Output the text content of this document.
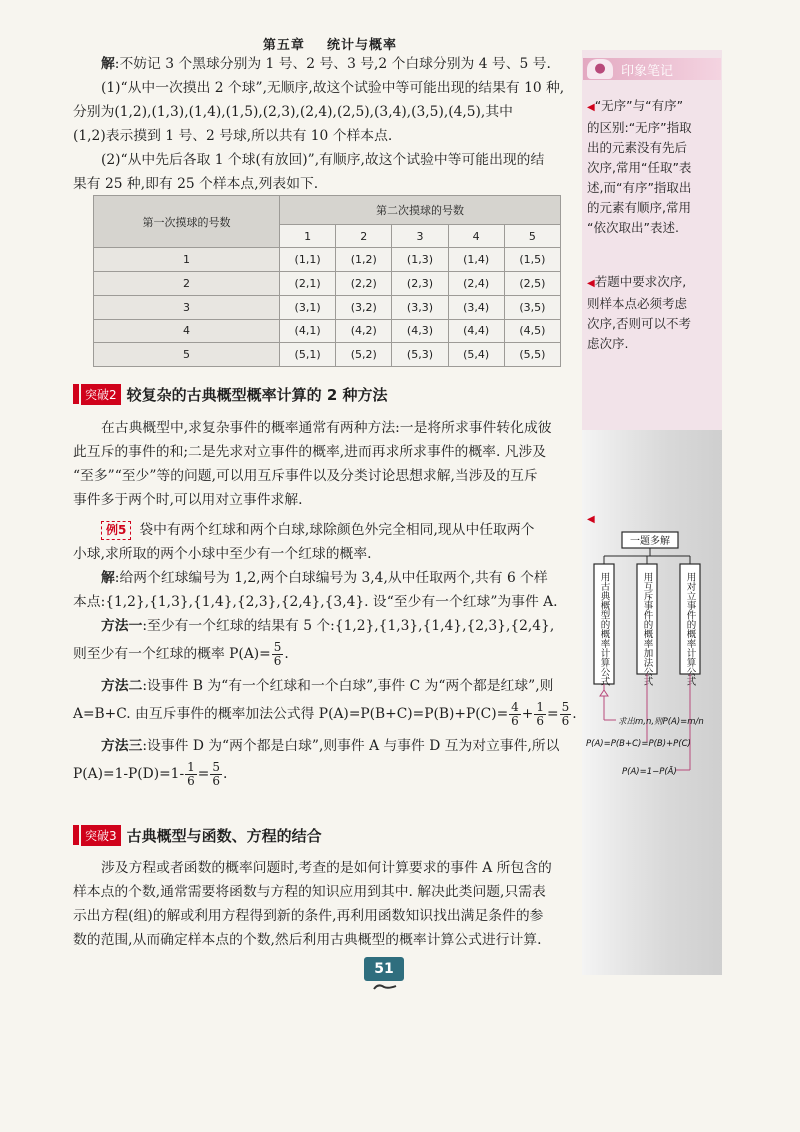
第五章 统计与概率

解:不妨记 3 个黑球分别为 1 号、2 号、3 号,2 个白球分别为 4 号、5 号.

(1)“从中一次摸出 2 个球”,无顺序,故这个试验中等可能出现的结果有 10 种,

分别为(1,2),(1,3),(1,4),(1,5),(2,3),(2,4),(2,5),(3,4),(3,5),(4,5),其中

(1,2)表示摸到 1 号、2 号球,所以共有 10 个样本点.

(2)“从中先后各取 1 个球(有放回)”,有顺序,故这个试验中等可能出现的结

果有 25 种,即有 25 个样本点,列表如下.

第一次摸球的号数	第二次摸球的号数				
	1	2	3	4	5
1	(1,1)	(1,2)	(1,3)	(1,4)	(1,5)
2	(2,1)	(2,2)	(2,3)	(2,4)	(2,5)
3	(3,1)	(3,2)	(3,3)	(3,4)	(3,5)
4	(4,1)	(4,2)	(4,3)	(4,4)	(4,5)
5	(5,1)	(5,2)	(5,3)	(5,4)	(5,5)
突破2 较复杂的古典概型概率计算的 2 种方法

在古典概型中,求复杂事件的概率通常有两种方法:一是将所求事件转化成彼

此互斥的事件的和;二是先求对立事件的概率,进而再求所求事件的概率. 凡涉及

“至多”“至少”等的问题,可以用互斥事件以及分类讨论思想求解,当涉及的互斥

事件多于两个时,可以用对立事件求解.

例5 袋中有两个红球和两个白球,球除颜色外完全相同,现从中任取两个

小球,求所取的两个小球中至少有一个红球的概率.

解:给两个红球编号为 1,2,两个白球编号为 3,4,从中任取两个,共有 6 个样

本点:{1,2},{1,3},{1,4},{2,3},{2,4},{3,4}. 设“至少有一个红球”为事件 A.

方法一:至少有一个红球的结果有 5 个:{1,2},{1,3},{1,4},{2,3},{2,4},

则至少有一个红球的概率 $P(A)= \frac{5}{6}$ .

方法二:设事件 B 为“有一个红球和一个白球”,事件 C 为“两个都是红球”,则

A=B+C. 由互斥事件的概率加法公式得 $P(A)=P(B+C)=P(B)+P(C)= \frac{4}{6} + \frac{1}{6} = \frac{5}{6}$ .

方法三:设事件 D 为“两个都是白球”,则事件 A 与事件 D 互为对立事件,所以

$P(A)=1-P(D)=1- \frac{1}{6} = \frac{5}{6}$ .

突破3 古典概型与函数、方程的结合

涉及方程或者函数的概率问题时,考查的是如何计算要求的事件 A 所包含的

样本点的个数,通常需要将函数与方程的知识应用到其中. 解决此类问题,只需表

示出方程(组)的解或利用方程得到新的条件,再利用函数知识找出满足条件的参

数的范围,从而确定样本点的个数,然后利用古典概型的概率计算公式进行计算.

●	印象笔记
◀“无序”与“有序”
的区别:“无序”指取
出的元素没有先后
次序,常用“任取”表
述,而“有序”指取出
的元素有顺序,常用
“依次取出”表述.
◀若题中要求次序,
则样本点必须考虑
次序,否则可以不考
虑次序.
◀
一题多解
用古典概型的概率计算公式	用互斥事件的概率加法公式	用对立事件的概率计算公式
求出m,n,则P(A)=m/n
P(A)=P(B+C)=P(B)+P(C)
P(A)=1−P(Ā)
51
